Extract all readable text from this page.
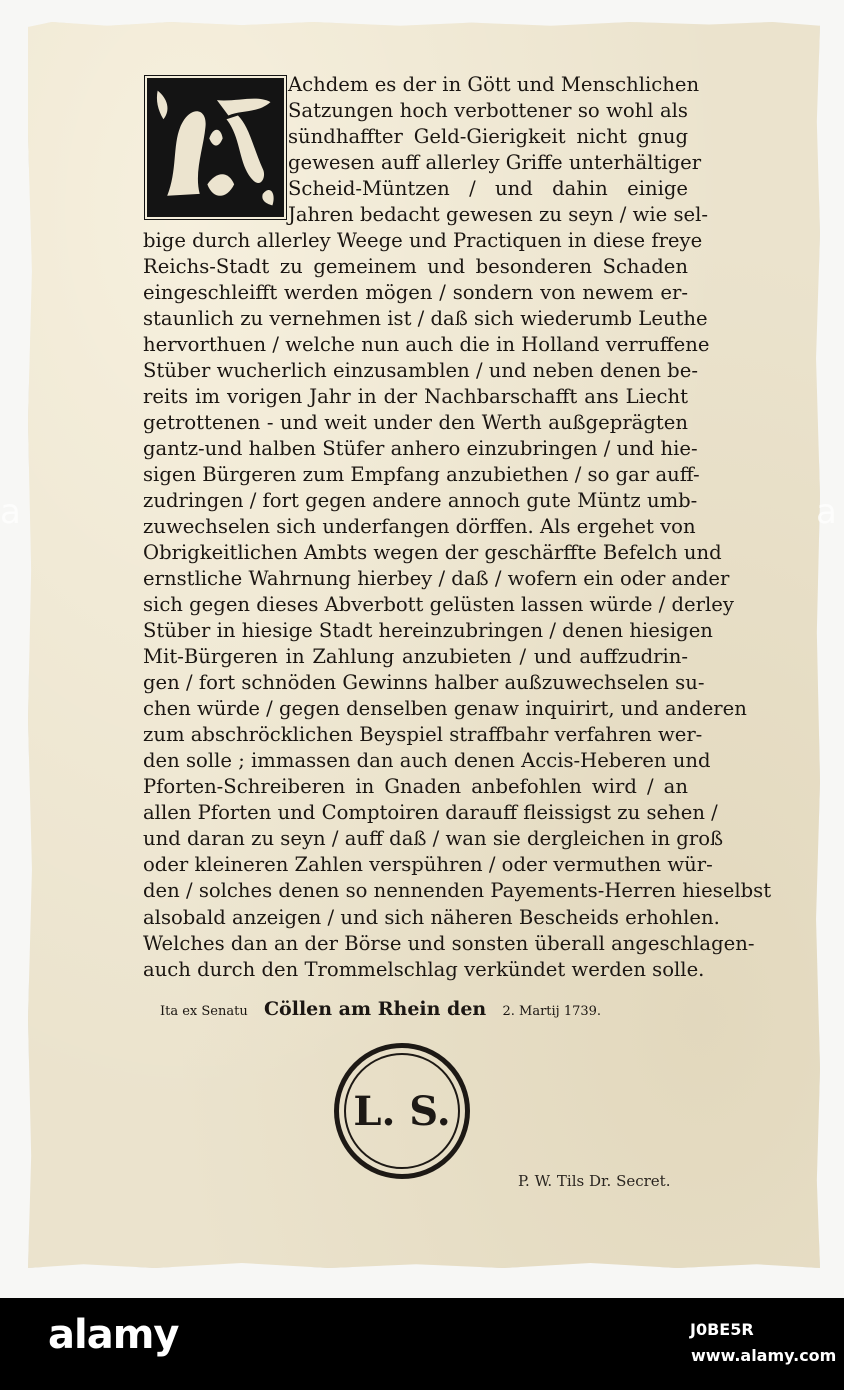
Achdem es der in Gött und Menschlichen
Satzungen hoch verbottener so wohl als
sündhaffter Geld-Gierigkeit nicht gnug
gewesen auff allerley Griffe unterhältiger
Scheid-Müntzen / und dahin einige
Jahren bedacht gewesen zu seyn / wie sel-
bige durch allerley Weege und Practiquen in diese freye
Reichs-Stadt zu gemeinem und besonderen Schaden
eingeschleifft werden mögen / sondern von newem er-
staunlich zu vernehmen ist / daß sich wiederumb Leuthe
hervorthuen / welche nun auch die in Holland verruffene
Stüber wucherlich einzusamblen / und neben denen be-
reits im vorigen Jahr in der Nachbarschafft ans Liecht
getrottenen - und weit under den Werth außgeprägten
gantz-und halben Stüfer anhero einzubringen / und hie-
sigen Bürgeren zum Empfang anzubiethen / so gar auff-
zudringen / fort gegen andere annoch gute Müntz umb-
zuwechselen sich underfangen dörffen. Als ergehet von
Obrigkeitlichen Ambts wegen der geschärffte Befelch und
ernstliche Wahrnung hierbey / daß / wofern ein oder ander
sich gegen dieses Abverbott gelüsten lassen würde / derley
Stüber in hiesige Stadt hereinzubringen / denen hiesigen
Mit-Bürgeren in Zahlung anzubieten / und auffzudrin-
gen / fort schnöden Gewinns halber außzuwechselen su-
chen würde / gegen denselben genaw inquirirt, und anderen
zum abschröcklichen Beyspiel straffbahr verfahren wer-
den solle ; immassen dan auch denen Accis-Heberen und
Pforten-Schreiberen in Gnaden anbefohlen wird / an
allen Pforten und Comptoiren darauff fleissigst zu sehen /
und daran zu seyn / auff daß / wan sie dergleichen in groß
oder kleineren Zahlen verspühren / oder vermuthen wür-
den / solches denen so nennenden Payements-Herren hieselbst
alsobald anzeigen / und sich näheren Bescheids erhohlen.
Welches dan an der Börse und sonsten überall angeschlagen-
auch durch den Trommelschlag verkündet werden solle.
Ita ex Senatu Cöllen am Rhein den 2. Martij 1739.
L. S.
P. W. Tils Dr. Secret.
a	a
alamy	J0BE5R
www.alamy.com
